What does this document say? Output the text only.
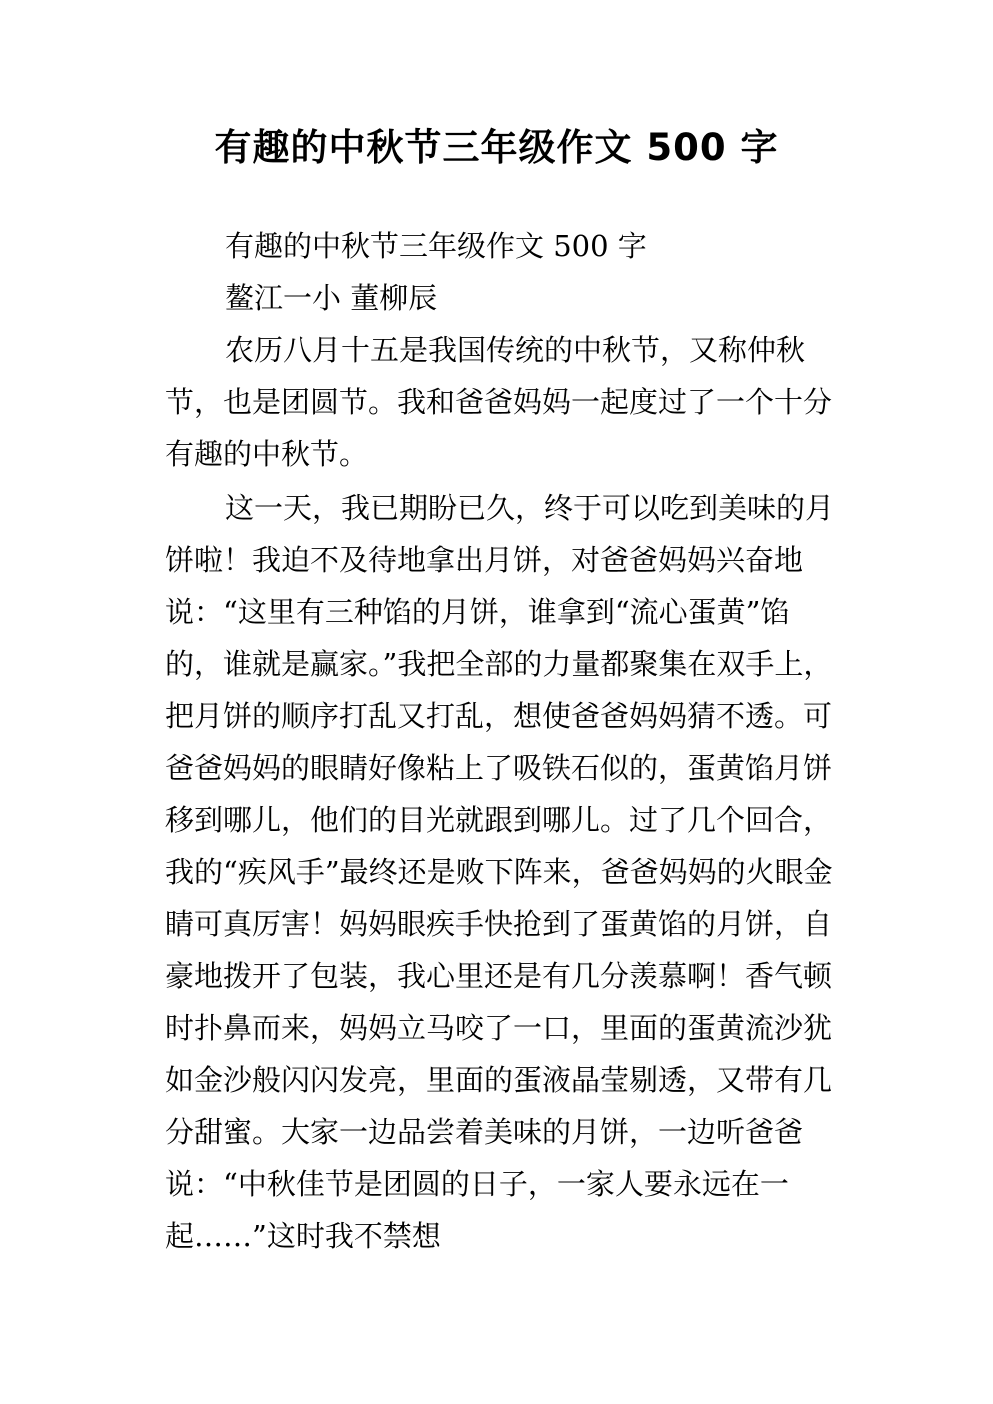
有趣的中秋节三年级作文 500 字

有趣的中秋节三年级作文 500 字

鳌江一小 董柳辰

农历八月十五是我国传统的中秋节，又称仲秋节，也是团圆节。我和爸爸妈妈一起度过了一个十分有趣的中秋节。

这一天，我已期盼已久，终于可以吃到美味的月饼啦！我迫不及待地拿出月饼，对爸爸妈妈兴奋地说：“这里有三种馅的月饼，谁拿到“流心蛋黄”馅的，谁就是赢家。”我把全部的力量都聚集在双手上，把月饼的顺序打乱又打乱，想使爸爸妈妈猜不透。可爸爸妈妈的眼睛好像粘上了吸铁石似的，蛋黄馅月饼移到哪儿，他们的目光就跟到哪儿。过了几个回合，我的“疾风手”最终还是败下阵来，爸爸妈妈的火眼金睛可真厉害！妈妈眼疾手快抢到了蛋黄馅的月饼，自豪地拨开了包装，我心里还是有几分羡慕啊！香气顿时扑鼻而来，妈妈立马咬了一口，里面的蛋黄流沙犹如金沙般闪闪发亮，里面的蛋液晶莹剔透，又带有几分甜蜜。大家一边品尝着美味的月饼，一边听爸爸说：“中秋佳节是团圆的日子，一家人要永远在一起……”这时我不禁想
